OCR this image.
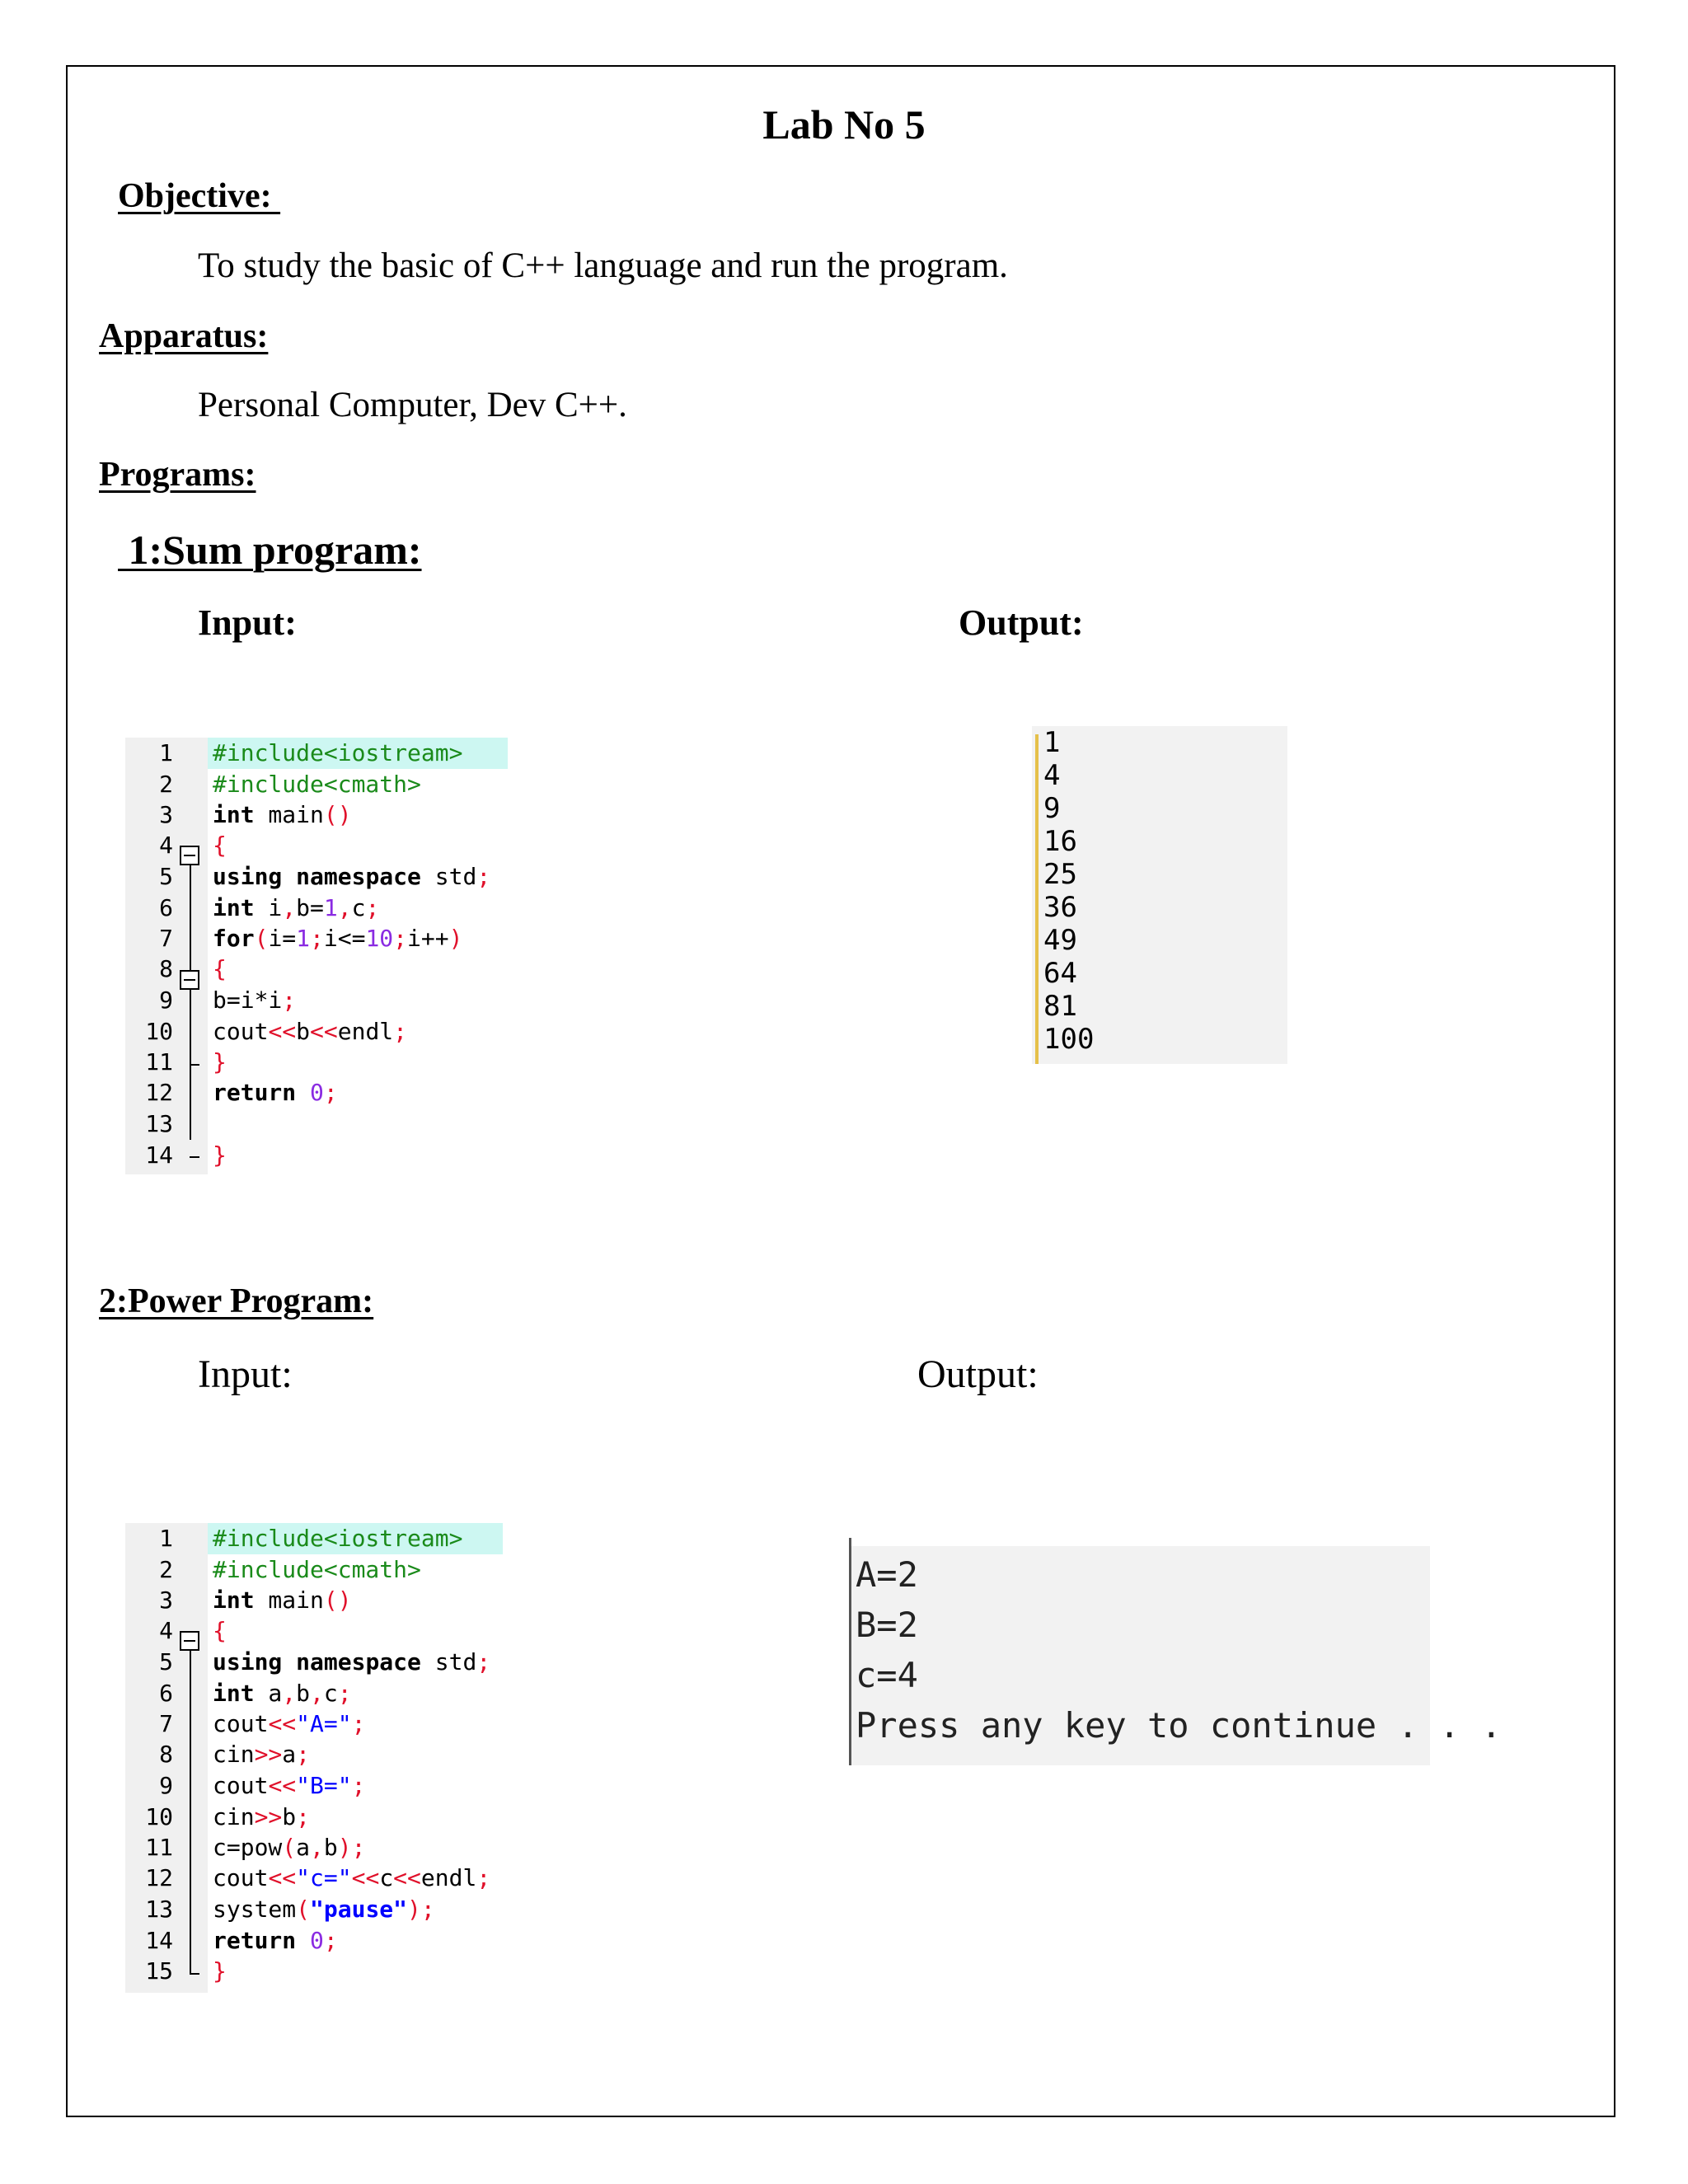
Lab No 5
Objective:
To study the basic of C++ language and run the program.
Apparatus:
Personal Computer, Dev C++.
Programs:
1:Sum program:
Input:	Output:
1
2
3
4
5
6
7
8
9
10
11
12
13
14
#include<iostream>
#include<cmath>
int main()
{
using namespace std;
int i,b=1,c;
for(i=1;i<=10;i++)
{
b=i*i;
cout<<b<<endl;
}
return 0;
}
1
4
9
16
25
36
49
64
81
100
2:Power Program:
Input:	Output:
1
2
3
4
5
6
7
8
9
10
11
12
13
14
15
#include<iostream>
#include<cmath>
int main()
{
using namespace std;
int a,b,c;
cout<<"A=";
cin>>a;
cout<<"B=";
cin>>b;
c=pow(a,b);
cout<<"c="<<c<<endl;
system("pause");
return 0;
}
A=2
B=2
c=4
Press any key to continue . . .
